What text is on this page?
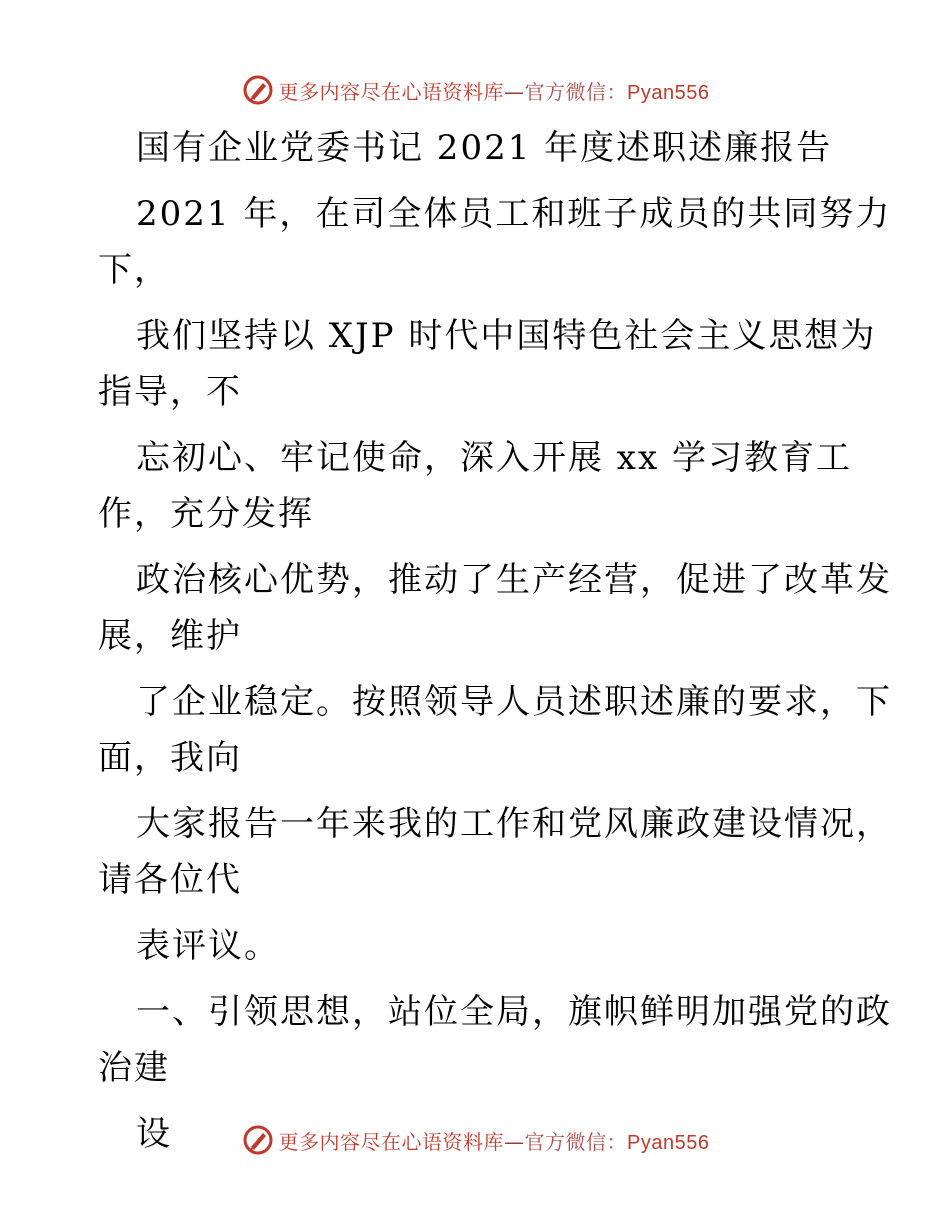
更多内容尽在心语资料库—官方微信：Pyan556
国有企业党委书记 2021 年度述职述廉报告
2021 年，在司全体员工和班子成员的共同努力
下，
我们坚持以 XJP 时代中国特色社会主义思想为
指导，不
忘初心、牢记使命，深入开展 xx 学习教育工
作，充分发挥
政治核心优势，推动了生产经营，促进了改革发
展，维护
了企业稳定。按照领导人员述职述廉的要求，下
面，我向
大家报告一年来我的工作和党风廉政建设情况，
请各位代
表评议。
一、引领思想，站位全局，旗帜鲜明加强党的政
治建
设	更多内容尽在心语资料库—官方微信：Pyan556
